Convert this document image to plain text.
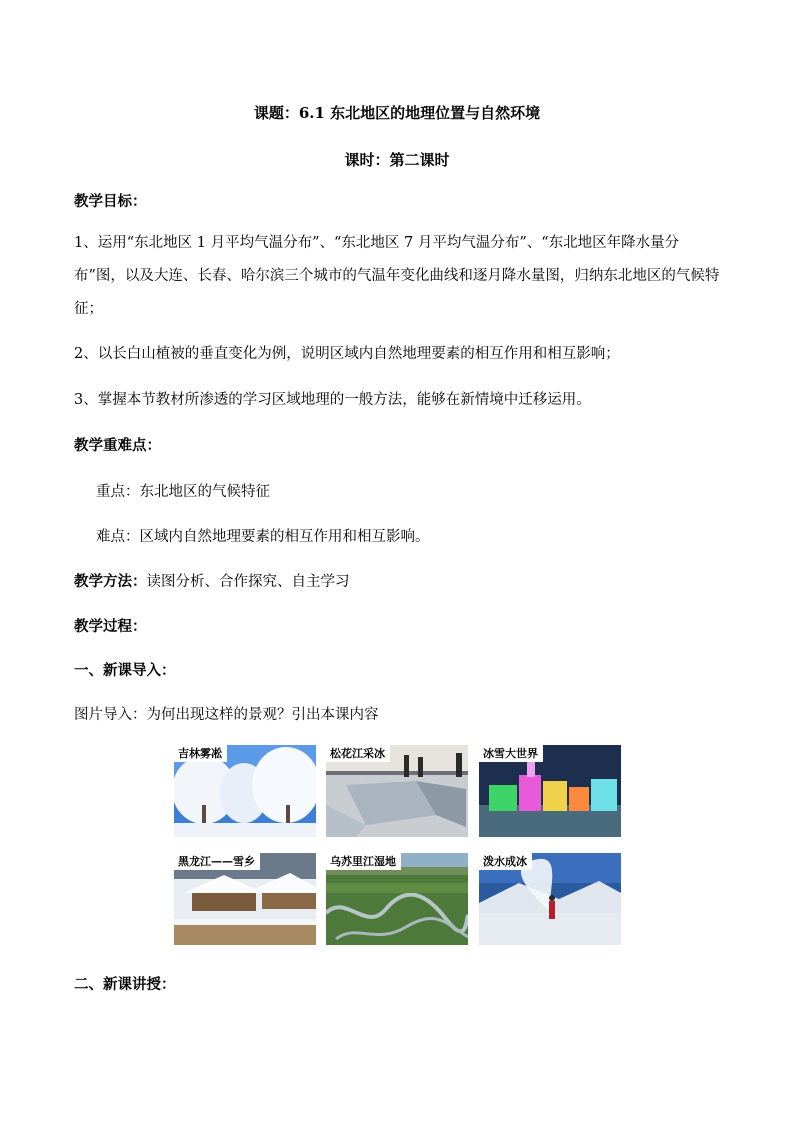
课题：6.1 东北地区的地理位置与自然环境
课时：第二课时
教学目标：
1、运用“东北地区 1 月平均气温分布”、“东北地区 7 月平均气温分布”、“东北地区年降水量分布”图，以及大连、长春、哈尔滨三个城市的气温年变化曲线和逐月降水量图，归纳东北地区的气候特征；
2、以长白山植被的垂直变化为例，说明区域内自然地理要素的相互作用和相互影响；
3、掌握本节教材所渗透的学习区域地理的一般方法，能够在新情境中迁移运用。
教学重难点：
重点：东北地区的气候特征
难点：区域内自然地理要素的相互作用和相互影响。
教学方法：读图分析、合作探究、自主学习
教学过程：
一、新课导入：
图片导入：为何出现这样的景观？引出本课内容
吉林雾凇	松花江采冰	冰雪大世界
黑龙江——雪乡	乌苏里江湿地	泼水成冰
二、新课讲授：
